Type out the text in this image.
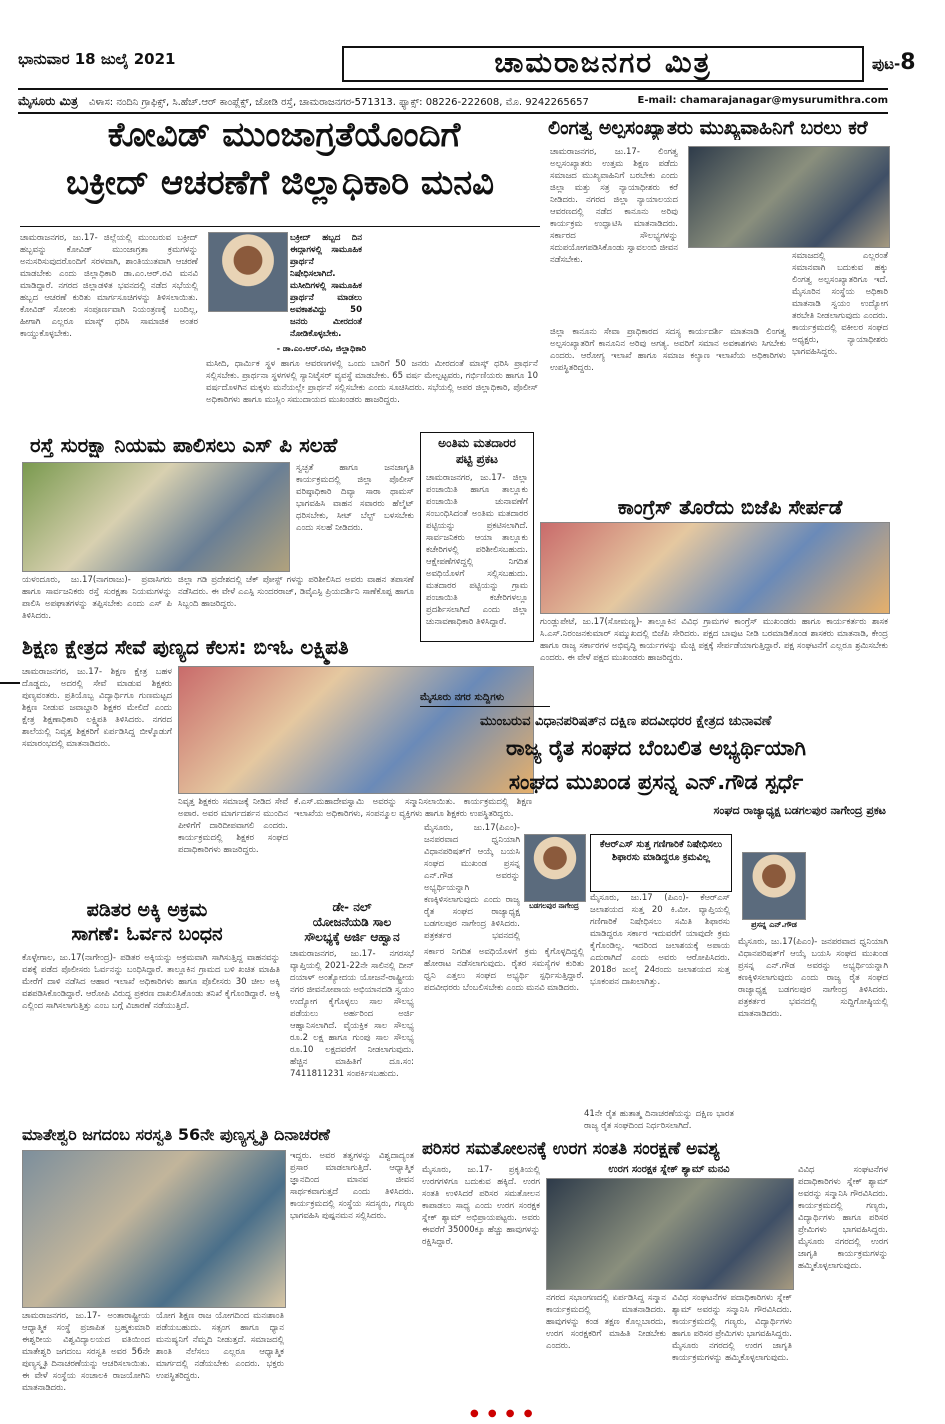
ಭಾನುವಾರ 18 ಜುಲೈ 2021	ಚಾಮರಾಜನಗರ ಮಿತ್ರ	ಪುಟ-8
ಮೈಸೂರು ಮಿತ್ರ ವಿಳಾಸ: ನಂದಿನಿ ಗ್ರಾಫಿಕ್ಸ್, ಸಿ.ಹೆಚ್.ಆರ್ ಕಾಂಪ್ಲೆಕ್ಸ್, ಜೋಡಿ ರಸ್ತೆ, ಚಾಮರಾಜನಗರ-571313. ಫ್ಯಾಕ್ಸ್: 08226-222608, ಮೊ. 9242265657	E-mail: chamarajanagar@mysurumithra.com
ಕೋವಿಡ್ ಮುಂಜಾಗ್ರತೆಯೊಂದಿಗೆ
ಬಕ್ರೀದ್ ಆಚರಣೆಗೆ ಜಿಲ್ಲಾಧಿಕಾರಿ ಮನವಿ
ಚಾಮರಾಜನಗರ, ಜು.17- ಜಿಲ್ಲೆಯಲ್ಲಿ ಮುಂಬರುವ ಬಕ್ರೀದ್ ಹಬ್ಬವನ್ನು ಕೋವಿಡ್ ಮುಂಜಾಗ್ರತಾ ಕ್ರಮಗಳನ್ನು ಅನುಸರಿಸುವುದರೊಂದಿಗೆ ಸರಳವಾಗಿ, ಶಾಂತಿಯುತವಾಗಿ ಆಚರಣೆ ಮಾಡಬೇಕು ಎಂದು ಜಿಲ್ಲಾಧಿಕಾರಿ ಡಾ.ಎಂ.ಆರ್.ರವಿ ಮನವಿ ಮಾಡಿದ್ದಾರೆ. ನಗರದ ಜಿಲ್ಲಾಡಳಿತ ಭವನದಲ್ಲಿ ನಡೆದ ಸಭೆಯಲ್ಲಿ ಹಬ್ಬದ ಆಚರಣೆ ಕುರಿತು ಮಾರ್ಗಸೂಚಿಗಳನ್ನು ತಿಳಿಸಲಾಯಿತು. ಕೋವಿಡ್ ಸೋಂಕು ಸಂಪೂರ್ಣವಾಗಿ ನಿಯಂತ್ರಣಕ್ಕೆ ಬಂದಿಲ್ಲ, ಹೀಗಾಗಿ ಎಲ್ಲರೂ ಮಾಸ್ಕ್ ಧರಿಸಿ ಸಾಮಾಜಿಕ ಅಂತರ ಕಾಯ್ದುಕೊಳ್ಳಬೇಕು.
ಬಕ್ರೀದ್ ಹಬ್ಬದ ದಿನ ಈದ್ಗಾಗಳಲ್ಲಿ ಸಾಮೂಹಿಕ ಪ್ರಾರ್ಥನೆ ನಿಷೇಧಿಸಲಾಗಿದೆ. ಮಸೀದಿಗಳಲ್ಲಿ ಸಾಮೂಹಿಕ ಪ್ರಾರ್ಥನೆ ಮಾಡಲು ಅವಕಾಶವಿದ್ದು 50 ಜನರು ಮೀರದಂತೆ ನೋಡಿಕೊಳ್ಳಬೇಕು.
- ಡಾ.ಎಂ.ಆರ್.ರವಿ, ಜಿಲ್ಲಾಧಿಕಾರಿ
ಮಸೀದಿ, ಧಾರ್ಮಿಕ ಸ್ಥಳ ಹಾಗೂ ಆವರಣಗಳಲ್ಲಿ ಒಂದು ಬಾರಿಗೆ 50 ಜನರು ಮೀರದಂತೆ ಮಾಸ್ಕ್ ಧರಿಸಿ ಪ್ರಾರ್ಥನೆ ಸಲ್ಲಿಸಬೇಕು. ಪ್ರಾರ್ಥನಾ ಸ್ಥಳಗಳಲ್ಲಿ ಸ್ಯಾನಿಟೈಸರ್ ವ್ಯವಸ್ಥೆ ಮಾಡಬೇಕು. 65 ವರ್ಷ ಮೇಲ್ಪಟ್ಟವರು, ಗರ್ಭಿಣಿಯರು ಹಾಗೂ 10 ವರ್ಷದೊಳಗಿನ ಮಕ್ಕಳು ಮನೆಯಲ್ಲೇ ಪ್ರಾರ್ಥನೆ ಸಲ್ಲಿಸಬೇಕು ಎಂದು ಸೂಚಿಸಿದರು. ಸಭೆಯಲ್ಲಿ ಅಪರ ಜಿಲ್ಲಾಧಿಕಾರಿ, ಪೊಲೀಸ್ ಅಧಿಕಾರಿಗಳು ಹಾಗೂ ಮುಸ್ಲಿಂ ಸಮುದಾಯದ ಮುಖಂಡರು ಹಾಜರಿದ್ದರು.
ಲಿಂಗತ್ವ ಅಲ್ಪಸಂಖ್ಯಾತರು ಮುಖ್ಯವಾಹಿನಿಗೆ ಬರಲು ಕರೆ
ಚಾಮರಾಜನಗರ, ಜು.17- ಲಿಂಗತ್ವ ಅಲ್ಪಸಂಖ್ಯಾತರು ಉತ್ತಮ ಶಿಕ್ಷಣ ಪಡೆದು ಸಮಾಜದ ಮುಖ್ಯವಾಹಿನಿಗೆ ಬರಬೇಕು ಎಂದು ಜಿಲ್ಲಾ ಮತ್ತು ಸತ್ರ ನ್ಯಾಯಾಧೀಶರು ಕರೆ ನೀಡಿದರು. ನಗರದ ಜಿಲ್ಲಾ ನ್ಯಾಯಾಲಯದ ಆವರಣದಲ್ಲಿ ನಡೆದ ಕಾನೂನು ಅರಿವು ಕಾರ್ಯಕ್ರಮ ಉದ್ಘಾಟಿಸಿ ಮಾತನಾಡಿದರು. ಸರ್ಕಾರದ ಸೌಲಭ್ಯಗಳನ್ನು ಸದುಪಯೋಗಪಡಿಸಿಕೊಂಡು ಸ್ವಾವಲಂಬಿ ಜೀವನ ನಡೆಸಬೇಕು.
ಜಿಲ್ಲಾ ಕಾನೂನು ಸೇವಾ ಪ್ರಾಧಿಕಾರದ ಸದಸ್ಯ ಕಾರ್ಯದರ್ಶಿ ಮಾತನಾಡಿ ಲಿಂಗತ್ವ ಅಲ್ಪಸಂಖ್ಯಾತರಿಗೆ ಕಾನೂನಿನ ಅರಿವು ಅಗತ್ಯ. ಅವರಿಗೆ ಸಮಾನ ಅವಕಾಶಗಳು ಸಿಗಬೇಕು ಎಂದರು. ಆರೋಗ್ಯ ಇಲಾಖೆ ಹಾಗೂ ಸಮಾಜ ಕಲ್ಯಾಣ ಇಲಾಖೆಯ ಅಧಿಕಾರಿಗಳು ಉಪಸ್ಥಿತರಿದ್ದರು.
ಸಮಾಜದಲ್ಲಿ ಎಲ್ಲರಂತೆ ಸಮಾನವಾಗಿ ಬದುಕುವ ಹಕ್ಕು ಲಿಂಗತ್ವ ಅಲ್ಪಸಂಖ್ಯಾತರಿಗೂ ಇದೆ. ಮೈಸೂರಿನ ಸಂಸ್ಥೆಯ ಅಧಿಕಾರಿ ಮಾತನಾಡಿ ಸ್ವಯಂ ಉದ್ಯೋಗ ತರಬೇತಿ ನೀಡಲಾಗುವುದು ಎಂದರು. ಕಾರ್ಯಕ್ರಮದಲ್ಲಿ ವಕೀಲರ ಸಂಘದ ಅಧ್ಯಕ್ಷರು, ನ್ಯಾಯಾಧೀಶರು ಭಾಗವಹಿಸಿದ್ದರು.
ರಸ್ತೆ ಸುರಕ್ಷಾ ನಿಯಮ ಪಾಲಿಸಲು ಎಸ್ ಪಿ ಸಲಹೆ
ಸ್ವಚ್ಛತೆ ಹಾಗೂ ಜನಜಾಗೃತಿ ಕಾರ್ಯಕ್ರಮದಲ್ಲಿ ಜಿಲ್ಲಾ ಪೊಲೀಸ್ ವರಿಷ್ಠಾಧಿಕಾರಿ ದಿವ್ಯಾ ಸಾರಾ ಥಾಮಸ್ ಭಾಗವಹಿಸಿ ವಾಹನ ಸವಾರರು ಹೆಲ್ಮೆಟ್ ಧರಿಸಬೇಕು, ಸೀಟ್ ಬೆಲ್ಟ್ ಬಳಸಬೇಕು ಎಂದು ಸಲಹೆ ನೀಡಿದರು.
ಯಳಂದೂರು, ಜು.17(ನಾಗರಾಜು)- ಪ್ರವಾಸಿಗರು ಹಾಗೂ ಸಾರ್ವಜನಿಕರು ರಸ್ತೆ ಸುರಕ್ಷತಾ ನಿಯಮಗಳನ್ನು ಪಾಲಿಸಿ ಅಪಘಾತಗಳನ್ನು ತಪ್ಪಿಸಬೇಕು ಎಂದು ಎಸ್ ಪಿ ತಿಳಿಸಿದರು.
ಜಿಲ್ಲಾ ಗಡಿ ಪ್ರದೇಶದಲ್ಲಿ ಚೆಕ್ ಪೋಸ್ಟ್ ಗಳನ್ನು ಪರಿಶೀಲಿಸಿದ ಅವರು ವಾಹನ ತಪಾಸಣೆ ನಡೆಸಿದರು. ಈ ವೇಳೆ ಎಎಸ್ಪಿ ಸುಂದರರಾಜ್, ಡಿವೈಎಸ್ಪಿ ಪ್ರಿಯದರ್ಶಿನಿ ಸಾಣೆಕೊಪ್ಪ ಹಾಗೂ ಸಿಬ್ಬಂದಿ ಹಾಜರಿದ್ದರು.
ಅಂತಿಮ ಮತದಾರರ
ಪಟ್ಟಿ ಪ್ರಕಟ
ಚಾಮರಾಜನಗರ, ಜು.17- ಜಿಲ್ಲಾ ಪಂಚಾಯಿತಿ ಹಾಗೂ ತಾಲ್ಲೂಕು ಪಂಚಾಯಿತಿ ಚುನಾವಣೆಗೆ ಸಂಬಂಧಿಸಿದಂತೆ ಅಂತಿಮ ಮತದಾರರ ಪಟ್ಟಿಯನ್ನು ಪ್ರಕಟಿಸಲಾಗಿದೆ. ಸಾರ್ವಜನಿಕರು ಆಯಾ ತಾಲ್ಲೂಕು ಕಚೇರಿಗಳಲ್ಲಿ ಪರಿಶೀಲಿಸಬಹುದು. ಆಕ್ಷೇಪಣೆಗಳಿದ್ದಲ್ಲಿ ನಿಗದಿತ ಅವಧಿಯೊಳಗೆ ಸಲ್ಲಿಸಬಹುದು. ಮತದಾರರ ಪಟ್ಟಿಯನ್ನು ಗ್ರಾಮ ಪಂಚಾಯಿತಿ ಕಚೇರಿಗಳಲ್ಲೂ ಪ್ರದರ್ಶಿಸಲಾಗಿದೆ ಎಂದು ಜಿಲ್ಲಾ ಚುನಾವಣಾಧಿಕಾರಿ ತಿಳಿಸಿದ್ದಾರೆ.
ಕಾಂಗ್ರೆಸ್ ತೊರೆದು ಬಿಜೆಪಿ ಸೇರ್ಪಡೆ
ಗುಂಡ್ಲುಪೇಟೆ, ಜು.17(ಸೋಮಣ್ಣ)- ತಾಲ್ಲೂಕಿನ ವಿವಿಧ ಗ್ರಾಮಗಳ ಕಾಂಗ್ರೆಸ್ ಮುಖಂಡರು ಹಾಗೂ ಕಾರ್ಯಕರ್ತರು ಶಾಸಕ ಸಿ.ಎಸ್.ನಿರಂಜನಕುಮಾರ್ ಸಮ್ಮುಖದಲ್ಲಿ ಬಿಜೆಪಿ ಸೇರಿದರು. ಪಕ್ಷದ ಬಾವುಟ ನೀಡಿ ಬರಮಾಡಿಕೊಂಡ ಶಾಸಕರು ಮಾತನಾಡಿ, ಕೇಂದ್ರ ಹಾಗೂ ರಾಜ್ಯ ಸರ್ಕಾರಗಳ ಅಭಿವೃದ್ಧಿ ಕಾರ್ಯಗಳನ್ನು ಮೆಚ್ಚಿ ಪಕ್ಷಕ್ಕೆ ಸೇರ್ಪಡೆಯಾಗುತ್ತಿದ್ದಾರೆ. ಪಕ್ಷ ಸಂಘಟನೆಗೆ ಎಲ್ಲರೂ ಶ್ರಮಿಸಬೇಕು ಎಂದರು. ಈ ವೇಳೆ ಪಕ್ಷದ ಮುಖಂಡರು ಹಾಜರಿದ್ದರು.
ಶಿಕ್ಷಣ ಕ್ಷೇತ್ರದ ಸೇವೆ ಪುಣ್ಯದ ಕೆಲಸ: ಬಿಇಓ ಲಕ್ಷ್ಮಿಪತಿ
ಚಾಮರಾಜನಗರ, ಜು.17- ಶಿಕ್ಷಣ ಕ್ಷೇತ್ರ ಬಹಳ ದೊಡ್ಡದು, ಅದರಲ್ಲಿ ಸೇವೆ ಮಾಡುವ ಶಿಕ್ಷಕರು ಪುಣ್ಯವಂತರು. ಪ್ರತಿಯೊಬ್ಬ ವಿದ್ಯಾರ್ಥಿಗೂ ಗುಣಮಟ್ಟದ ಶಿಕ್ಷಣ ನೀಡುವ ಜವಾಬ್ದಾರಿ ಶಿಕ್ಷಕರ ಮೇಲಿದೆ ಎಂದು ಕ್ಷೇತ್ರ ಶಿಕ್ಷಣಾಧಿಕಾರಿ ಲಕ್ಷ್ಮಿಪತಿ ತಿಳಿಸಿದರು. ನಗರದ ಶಾಲೆಯಲ್ಲಿ ನಿವೃತ್ತ ಶಿಕ್ಷಕರಿಗೆ ಏರ್ಪಡಿಸಿದ್ದ ಬೀಳ್ಕೊಡುಗೆ ಸಮಾರಂಭದಲ್ಲಿ ಮಾತನಾಡಿದರು.
ನಿವೃತ್ತ ಶಿಕ್ಷಕರು ಸಮಾಜಕ್ಕೆ ನೀಡಿದ ಸೇವೆ ಅಪಾರ. ಅವರ ಮಾರ್ಗದರ್ಶನ ಮುಂದಿನ ಪೀಳಿಗೆಗೆ ದಾರಿದೀಪವಾಗಲಿ ಎಂದರು. ಕಾರ್ಯಕ್ರಮದಲ್ಲಿ ಶಿಕ್ಷಕರ ಸಂಘದ ಪದಾಧಿಕಾರಿಗಳು ಹಾಜರಿದ್ದರು.
ಕೆ.ಎಸ್.ಮಹಾದೇವಸ್ವಾಮಿ ಅವರನ್ನು ಸನ್ಮಾನಿಸಲಾಯಿತು. ಕಾರ್ಯಕ್ರಮದಲ್ಲಿ ಶಿಕ್ಷಣ ಇಲಾಖೆಯ ಅಧಿಕಾರಿಗಳು, ಸಂಪನ್ಮೂಲ ವ್ಯಕ್ತಿಗಳು ಹಾಗೂ ಶಿಕ್ಷಕರು ಉಪಸ್ಥಿತರಿದ್ದರು.
ಮೈಸೂರು ನಗರ ಸುದ್ದಿಗಳು
ಮುಂಬರುವ ವಿಧಾನಪರಿಷತ್‌ನ ದಕ್ಷಿಣ ಪದವೀಧರರ ಕ್ಷೇತ್ರದ ಚುನಾವಣೆ
ರಾಜ್ಯ ರೈತ ಸಂಘದ ಬೆಂಬಲಿತ ಅಭ್ಯರ್ಥಿಯಾಗಿ
ಸಂಘದ ಮುಖಂಡ ಪ್ರಸನ್ನ ಎನ್.ಗೌಡ ಸ್ಪರ್ಧೆ
ಸಂಘದ ರಾಜ್ಯಾಧ್ಯಕ್ಷ ಬಡಗಲಪುರ ನಾಗೇಂದ್ರ ಪ್ರಕಟ
ಮೈಸೂರು, ಜು.17(ಪಿಎಂ)- ಜನಪರವಾದ ಧ್ವನಿಯಾಗಿ ವಿಧಾನಪರಿಷತ್‌ಗೆ ಆಯ್ಕೆ ಬಯಸಿ ಸಂಘದ ಮುಖಂಡ ಪ್ರಸನ್ನ ಎನ್.ಗೌಡ ಅವರನ್ನು ಅಭ್ಯರ್ಥಿಯನ್ನಾಗಿ ಕಣಕ್ಕಿಳಿಸಲಾಗುವುದು ಎಂದು ರಾಜ್ಯ ರೈತ ಸಂಘದ ರಾಜ್ಯಾಧ್ಯಕ್ಷ ಬಡಗಲಪುರ ನಾಗೇಂದ್ರ ತಿಳಿಸಿದರು. ಪತ್ರಕರ್ತರ ಭವನದಲ್ಲಿ
ಕೆಆರ್‌ಎಸ್ ಸುತ್ತ ಗಣಿಗಾರಿಕೆ ನಿಷೇಧಿಸಲು ಶಿಫಾರಸು ಮಾಡಿದ್ದರೂ ಕ್ರಮವಿಲ್ಲ
ಮೈಸೂರು, ಜು.17 (ಪಿಎಂ)- ಕೆಆರ್‌ಎಸ್ ಜಲಾಶಯದ ಸುತ್ತ 20 ಕಿ.ಮೀ. ವ್ಯಾಪ್ತಿಯಲ್ಲಿ ಗಣಿಗಾರಿಕೆ ನಿಷೇಧಿಸಲು ಸಮಿತಿ ಶಿಫಾರಸು ಮಾಡಿದ್ದರೂ ಸರ್ಕಾರ ಇದುವರೆಗೆ ಯಾವುದೇ ಕ್ರಮ ಕೈಗೊಂಡಿಲ್ಲ. ಇದರಿಂದ ಜಲಾಶಯಕ್ಕೆ ಅಪಾಯ ಎದುರಾಗಿದೆ ಎಂದು ಅವರು ಆರೋಪಿಸಿದರು. 2018ರ ಜುಲೈ 24ರಂದು ಜಲಾಶಯದ ಸುತ್ತ ಭೂಕಂಪನ ದಾಖಲಾಗಿತ್ತು.
ಸರ್ಕಾರ ನಿಗದಿತ ಅವಧಿಯೊಳಗೆ ಕ್ರಮ ಕೈಗೊಳ್ಳದಿದ್ದಲ್ಲಿ ಹೋರಾಟ ನಡೆಸಲಾಗುವುದು. ರೈತರ ಸಮಸ್ಯೆಗಳ ಕುರಿತು ಧ್ವನಿ ಎತ್ತಲು ಸಂಘದ ಅಭ್ಯರ್ಥಿ ಸ್ಪರ್ಧಿಸುತ್ತಿದ್ದಾರೆ. ಪದವೀಧರರು ಬೆಂಬಲಿಸಬೇಕು ಎಂದು ಮನವಿ ಮಾಡಿದರು.
ಪ್ರಸನ್ನ ಎನ್.ಗೌಡ
ಬಡಗಲಪುರ ನಾಗೇಂದ್ರ
41ನೇ ರೈತ ಹುತಾತ್ಮ ದಿನಾಚರಣೆಯನ್ನು ದಕ್ಷಿಣ ಭಾರತ ರಾಜ್ಯ ರೈತ ಸಂಘದಿಂದ ನಿರ್ಧರಿಸಲಾಗಿದೆ.
ಮೈಸೂರು, ಜು.17(ಪಿಎಂ)- ಜನಪರವಾದ ಧ್ವನಿಯಾಗಿ ವಿಧಾನಪರಿಷತ್‌ಗೆ ಆಯ್ಕೆ ಬಯಸಿ ಸಂಘದ ಮುಖಂಡ ಪ್ರಸನ್ನ ಎನ್.ಗೌಡ ಅವರನ್ನು ಅಭ್ಯರ್ಥಿಯನ್ನಾಗಿ ಕಣಕ್ಕಿಳಿಸಲಾಗುವುದು ಎಂದು ರಾಜ್ಯ ರೈತ ಸಂಘದ ರಾಜ್ಯಾಧ್ಯಕ್ಷ ಬಡಗಲಪುರ ನಾಗೇಂದ್ರ ತಿಳಿಸಿದರು. ಪತ್ರಕರ್ತರ ಭವನದಲ್ಲಿ ಸುದ್ದಿಗೋಷ್ಠಿಯಲ್ಲಿ ಮಾತನಾಡಿದರು.
ಪಡಿತರ ಅಕ್ಕಿ ಅಕ್ರಮ
ಸಾಗಣೆ: ಓರ್ವನ ಬಂಧನ
ಕೊಳ್ಳೇಗಾಲ, ಜು.17(ನಾಗೇಂದ್ರ)- ಪಡಿತರ ಅಕ್ಕಿಯನ್ನು ಅಕ್ರಮವಾಗಿ ಸಾಗಿಸುತ್ತಿದ್ದ ವಾಹನವನ್ನು ವಶಕ್ಕೆ ಪಡೆದ ಪೊಲೀಸರು ಓರ್ವನನ್ನು ಬಂಧಿಸಿದ್ದಾರೆ. ತಾಲ್ಲೂಕಿನ ಗ್ರಾಮದ ಬಳಿ ಖಚಿತ ಮಾಹಿತಿ ಮೇರೆಗೆ ದಾಳಿ ನಡೆಸಿದ ಆಹಾರ ಇಲಾಖೆ ಅಧಿಕಾರಿಗಳು ಹಾಗೂ ಪೊಲೀಸರು 30 ಚೀಲ ಅಕ್ಕಿ ವಶಪಡಿಸಿಕೊಂಡಿದ್ದಾರೆ. ಆರೋಪಿ ವಿರುದ್ಧ ಪ್ರಕರಣ ದಾಖಲಿಸಿಕೊಂಡು ತನಿಖೆ ಕೈಗೊಂಡಿದ್ದಾರೆ. ಅಕ್ಕಿ ಎಲ್ಲಿಂದ ಸಾಗಿಸಲಾಗುತ್ತಿತ್ತು ಎಂಬ ಬಗ್ಗೆ ವಿಚಾರಣೆ ನಡೆಯುತ್ತಿದೆ.
ಡೇ- ನಲ್
ಯೋಜನೆಯಡಿ ಸಾಲ
ಸೌಲಭ್ಯಕ್ಕೆ ಅರ್ಜಿ ಆಹ್ವಾನ
ಚಾಮರಾಜನಗರ, ಜು.17- ನಗರಸಭೆ ವ್ಯಾಪ್ತಿಯಲ್ಲಿ 2021-22ನೇ ಸಾಲಿನಲ್ಲಿ ದೀನ್ ದಯಾಳ್ ಅಂತ್ಯೋದಯ ಯೋಜನೆ-ರಾಷ್ಟ್ರೀಯ ನಗರ ಜೀವನೋಪಾಯ ಅಭಿಯಾನದಡಿ ಸ್ವಯಂ ಉದ್ಯೋಗ ಕೈಗೊಳ್ಳಲು ಸಾಲ ಸೌಲಭ್ಯ ಪಡೆಯಲು ಅರ್ಹರಿಂದ ಅರ್ಜಿ ಆಹ್ವಾನಿಸಲಾಗಿದೆ. ವೈಯಕ್ತಿಕ ಸಾಲ ಸೌಲಭ್ಯ ರೂ.2 ಲಕ್ಷ ಹಾಗೂ ಗುಂಪು ಸಾಲ ಸೌಲಭ್ಯ ರೂ.10 ಲಕ್ಷದವರೆಗೆ ನೀಡಲಾಗುವುದು. ಹೆಚ್ಚಿನ ಮಾಹಿತಿಗೆ ದೂ.ಸಂ: 7411811231 ಸಂಪರ್ಕಿಸಬಹುದು.
ಮಾತೇಶ್ವರಿ ಜಗದಂಬ ಸರಸ್ವತಿ 56ನೇ ಪುಣ್ಯಸ್ಮೃತಿ ದಿನಾಚರಣೆ
ಇದ್ದರು. ಅವರ ತತ್ವಗಳನ್ನು ವಿಶ್ವದಾದ್ಯಂತ ಪ್ರಸಾರ ಮಾಡಲಾಗುತ್ತಿದೆ. ಆಧ್ಯಾತ್ಮಿಕ ಜ್ಞಾನದಿಂದ ಮಾನವ ಜೀವನ ಸಾರ್ಥಕವಾಗುತ್ತದೆ ಎಂದು ತಿಳಿಸಿದರು. ಕಾರ್ಯಕ್ರಮದಲ್ಲಿ ಸಂಸ್ಥೆಯ ಸದಸ್ಯರು, ಗಣ್ಯರು ಭಾಗವಹಿಸಿ ಪುಷ್ಪನಮನ ಸಲ್ಲಿಸಿದರು.
ಚಾಮರಾಜನಗರ, ಜು.17- ಅಂತಾರಾಷ್ಟ್ರೀಯ ಆಧ್ಯಾತ್ಮಿಕ ಸಂಸ್ಥೆ ಪ್ರಜಾಪಿತ ಬ್ರಹ್ಮಕುಮಾರಿ ಈಶ್ವರೀಯ ವಿಶ್ವವಿದ್ಯಾಲಯದ ವತಿಯಿಂದ ಮಾತೇಶ್ವರಿ ಜಗದಂಬ ಸರಸ್ವತಿ ಅವರ 56ನೇ ಪುಣ್ಯಸ್ಮೃತಿ ದಿನಾಚರಣೆಯನ್ನು ಆಚರಿಸಲಾಯಿತು. ಈ ವೇಳೆ ಸಂಸ್ಥೆಯ ಸಂಚಾಲಕಿ ರಾಜಯೋಗಿನಿ ಮಾತನಾಡಿದರು.
ಯೋಗ ಶಿಕ್ಷಣ ರಾಜ ಯೋಗದಿಂದ ಮನಃಶಾಂತಿ ಪಡೆಯಬಹುದು. ಸತ್ಸಂಗ ಹಾಗೂ ಧ್ಯಾನ ಮನುಷ್ಯನಿಗೆ ನೆಮ್ಮದಿ ನೀಡುತ್ತದೆ. ಸಮಾಜದಲ್ಲಿ ಶಾಂತಿ ನೆಲೆಸಲು ಎಲ್ಲರೂ ಆಧ್ಯಾತ್ಮಿಕ ಮಾರ್ಗದಲ್ಲಿ ನಡೆಯಬೇಕು ಎಂದರು. ಭಕ್ತರು ಉಪಸ್ಥಿತರಿದ್ದರು.
ಪರಿಸರ ಸಮತೋಲನಕ್ಕೆ ಉರಗ ಸಂತತಿ ಸಂರಕ್ಷಣೆ ಅವಶ್ಯ
ಮೈಸೂರು, ಜು.17- ಪ್ರಕೃತಿಯಲ್ಲಿ ಉರಗಗಳಿಗೂ ಬದುಕುವ ಹಕ್ಕಿದೆ. ಉರಗ ಸಂತತಿ ಉಳಿಸಿದರೆ ಪರಿಸರ ಸಮತೋಲನ ಕಾಪಾಡಲು ಸಾಧ್ಯ ಎಂದು ಉರಗ ಸಂರಕ್ಷಕ ಸ್ನೇಕ್ ಶ್ಯಾಮ್ ಅಭಿಪ್ರಾಯಪಟ್ಟರು. ಅವರು ಈವರೆಗೆ 35000ಕ್ಕೂ ಹೆಚ್ಚು ಹಾವುಗಳನ್ನು ರಕ್ಷಿಸಿದ್ದಾರೆ.
ಉರಗ ಸಂರಕ್ಷಕ ಸ್ನೇಕ್ ಶ್ಯಾಮ್ ಮನವಿ
ನಗರದ ಸಭಾಂಗಣದಲ್ಲಿ ಏರ್ಪಡಿಸಿದ್ದ ಸನ್ಮಾನ ಕಾರ್ಯಕ್ರಮದಲ್ಲಿ ಮಾತನಾಡಿದರು. ಹಾವುಗಳನ್ನು ಕಂಡ ತಕ್ಷಣ ಕೊಲ್ಲಬಾರದು, ಉರಗ ಸಂರಕ್ಷಕರಿಗೆ ಮಾಹಿತಿ ನೀಡಬೇಕು ಎಂದರು.
ವಿವಿಧ ಸಂಘಟನೆಗಳ ಪದಾಧಿಕಾರಿಗಳು ಸ್ನೇಕ್ ಶ್ಯಾಮ್ ಅವರನ್ನು ಸನ್ಮಾನಿಸಿ ಗೌರವಿಸಿದರು. ಕಾರ್ಯಕ್ರಮದಲ್ಲಿ ಗಣ್ಯರು, ವಿದ್ಯಾರ್ಥಿಗಳು ಹಾಗೂ ಪರಿಸರ ಪ್ರೇಮಿಗಳು ಭಾಗವಹಿಸಿದ್ದರು. ಮೈಸೂರು ನಗರದಲ್ಲಿ ಉರಗ ಜಾಗೃತಿ ಕಾರ್ಯಕ್ರಮಗಳನ್ನು ಹಮ್ಮಿಕೊಳ್ಳಲಾಗುವುದು.
ವಿವಿಧ ಸಂಘಟನೆಗಳ ಪದಾಧಿಕಾರಿಗಳು ಸ್ನೇಕ್ ಶ್ಯಾಮ್ ಅವರನ್ನು ಸನ್ಮಾನಿಸಿ ಗೌರವಿಸಿದರು. ಕಾರ್ಯಕ್ರಮದಲ್ಲಿ ಗಣ್ಯರು, ವಿದ್ಯಾರ್ಥಿಗಳು ಹಾಗೂ ಪರಿಸರ ಪ್ರೇಮಿಗಳು ಭಾಗವಹಿಸಿದ್ದರು. ಮೈಸೂರು ನಗರದಲ್ಲಿ ಉರಗ ಜಾಗೃತಿ ಕಾರ್ಯಕ್ರಮಗಳನ್ನು ಹಮ್ಮಿಕೊಳ್ಳಲಾಗುವುದು.
● ● ● ●
